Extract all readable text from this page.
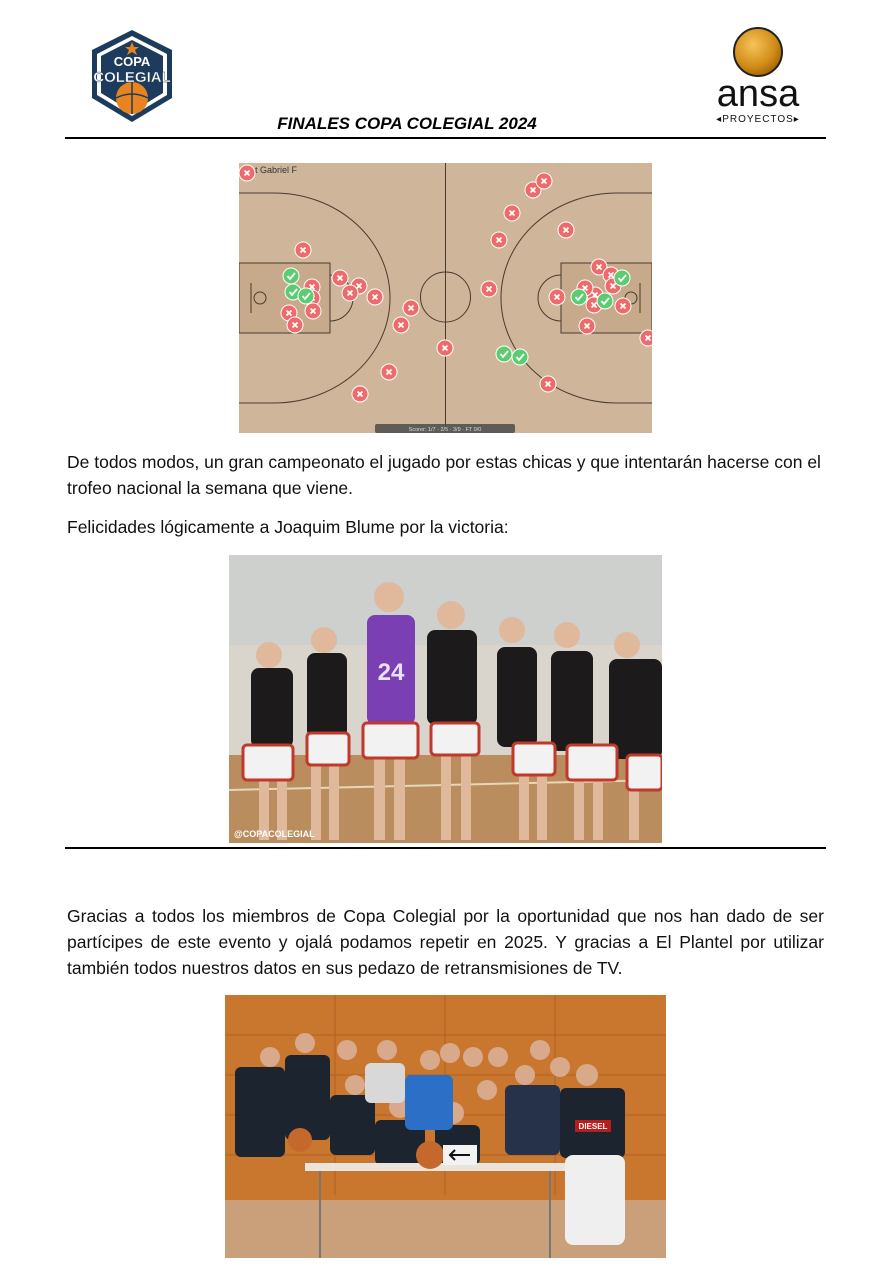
COPA
COLEGIAL	ansa
◂PROYECTOS▸
FINALES COPA COLEGIAL 2024
t Gabriel F
Scorer: 1/7 · 2/5 · 3/9 · FT 0/0
De todos modos, un gran campeonato el jugado por estas chicas y que intentarán hacerse con el trofeo nacional la semana que viene.
Felicidades lógicamente a Joaquim Blume por la victoria:
24
@COPACOLEGIAL
Gracias a todos los miembros de Copa Colegial por la oportunidad que nos han dado de ser partícipes de este evento y ojalá podamos repetir en 2025. Y gracias a El Plantel por utilizar también todos nuestros datos en sus pedazo de retransmisiones de TV.
DIESEL
